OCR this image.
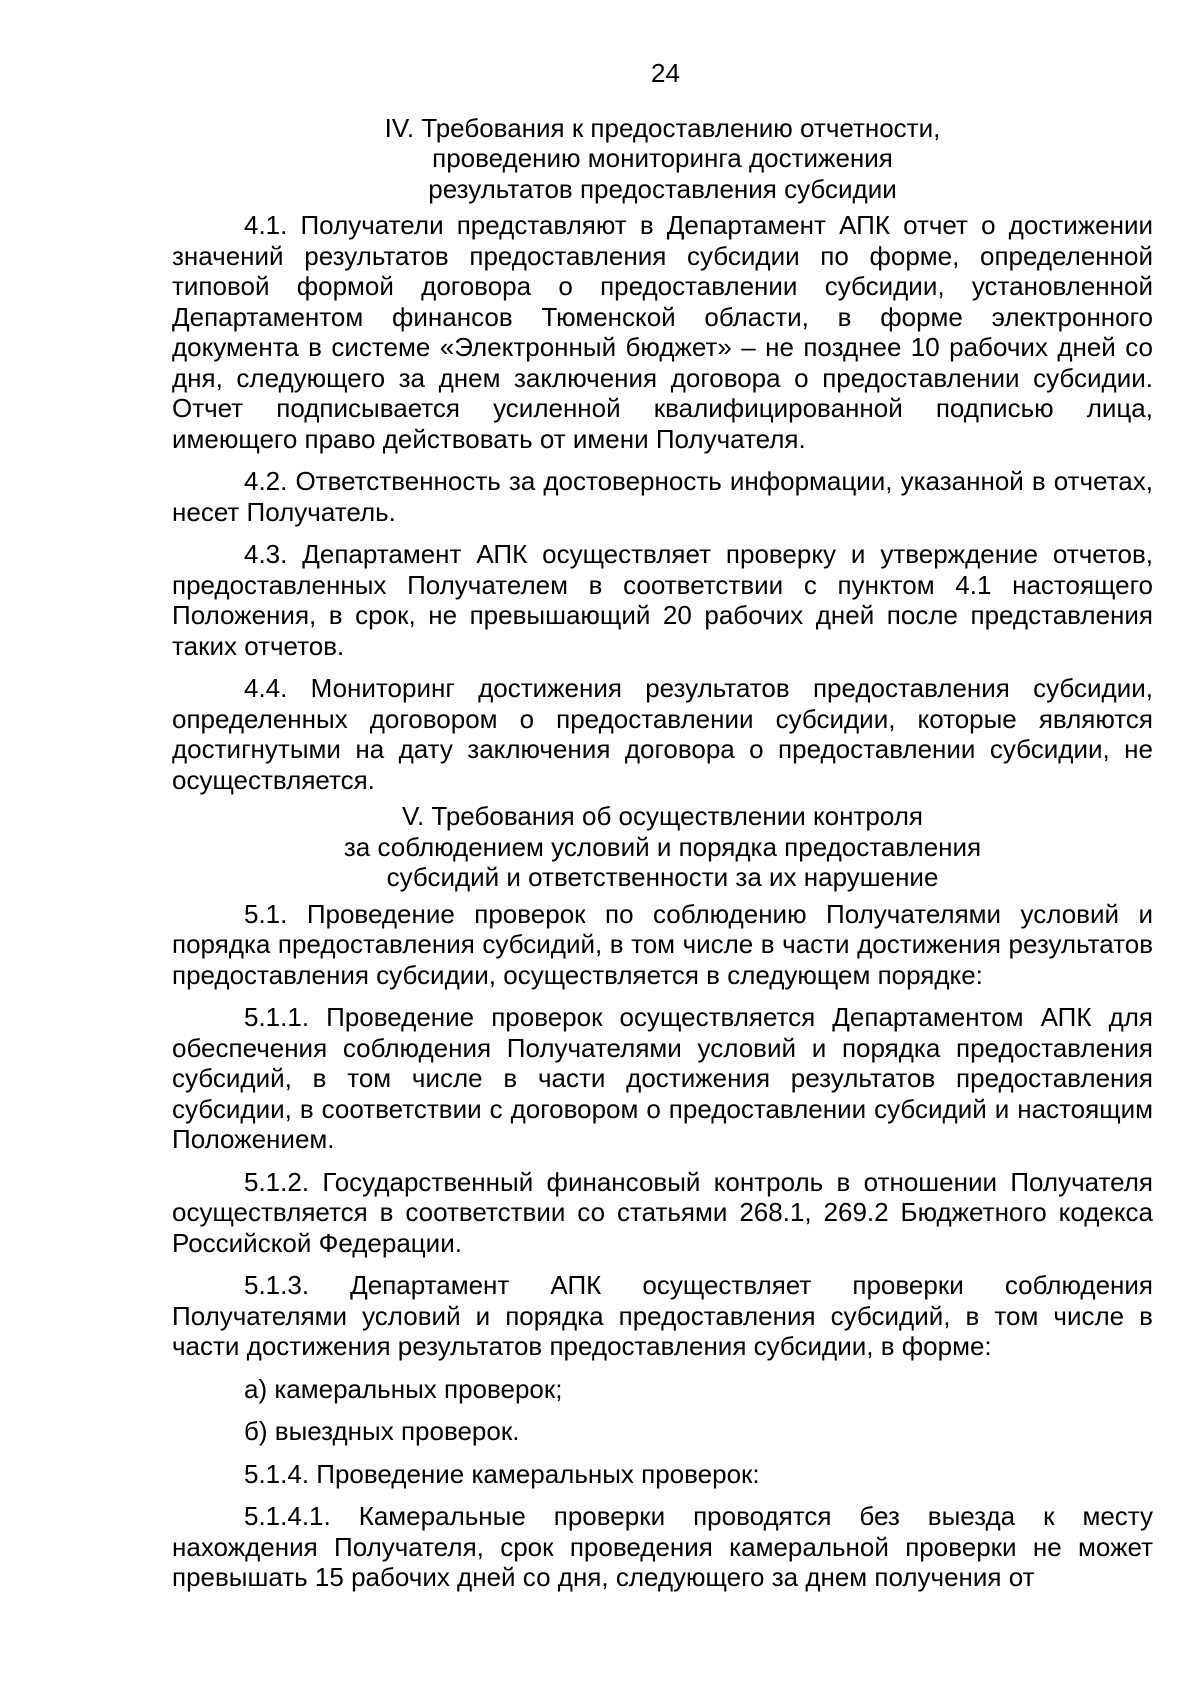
24
IV. Требования к предоставлению отчетности,
проведению мониторинга достижения
результатов предоставления субсидии

4.1. Получатели представляют в Департамент АПК отчет о достижении значений результатов предоставления субсидии по форме, определенной типовой формой договора о предоставлении субсидии, установленной Департаментом финансов Тюменской области, в форме электронного документа в системе «Электронный бюджет» – не позднее 10 рабочих дней со дня, следующего за днем заключения договора о предоставлении субсидии. Отчет подписывается усиленной квалифицированной подписью лица, имеющего право действовать от имени Получателя.

4.2. Ответственность за достоверность информации, указанной в отчетах, несет Получатель.

4.3. Департамент АПК осуществляет проверку и утверждение отчетов, предоставленных Получателем в соответствии с пунктом 4.1 настоящего Положения, в срок, не превышающий 20 рабочих дней после представления таких отчетов.

4.4. Мониторинг достижения результатов предоставления субсидии, определенных договором о предоставлении субсидии, которые являются достигнутыми на дату заключения договора о предоставлении субсидии, не осуществляется.

V. Требования об осуществлении контроля
за соблюдением условий и порядка предоставления
субсидий и ответственности за их нарушение

5.1. Проведение проверок по соблюдению Получателями условий и порядка предоставления субсидий, в том числе в части достижения результатов предоставления субсидии, осуществляется в следующем порядке:

5.1.1. Проведение проверок осуществляется Департаментом АПК для обеспечения соблюдения Получателями условий и порядка предоставления субсидий, в том числе в части достижения результатов предоставления субсидии, в соответствии с договором о предоставлении субсидий и настоящим Положением.

5.1.2. Государственный финансовый контроль в отношении Получателя осуществляется в соответствии со статьями 268.1, 269.2 Бюджетного кодекса Российской Федерации.

5.1.3. Департамент АПК осуществляет проверки соблюдения Получателями условий и порядка предоставления субсидий, в том числе в части достижения результатов предоставления субсидии, в форме:

а) камеральных проверок;

б) выездных проверок.

5.1.4. Проведение камеральных проверок:

5.1.4.1. Камеральные проверки проводятся без выезда к месту нахождения Получателя, срок проведения камеральной проверки не может превышать 15 рабочих дней со дня, следующего за днем получения от
